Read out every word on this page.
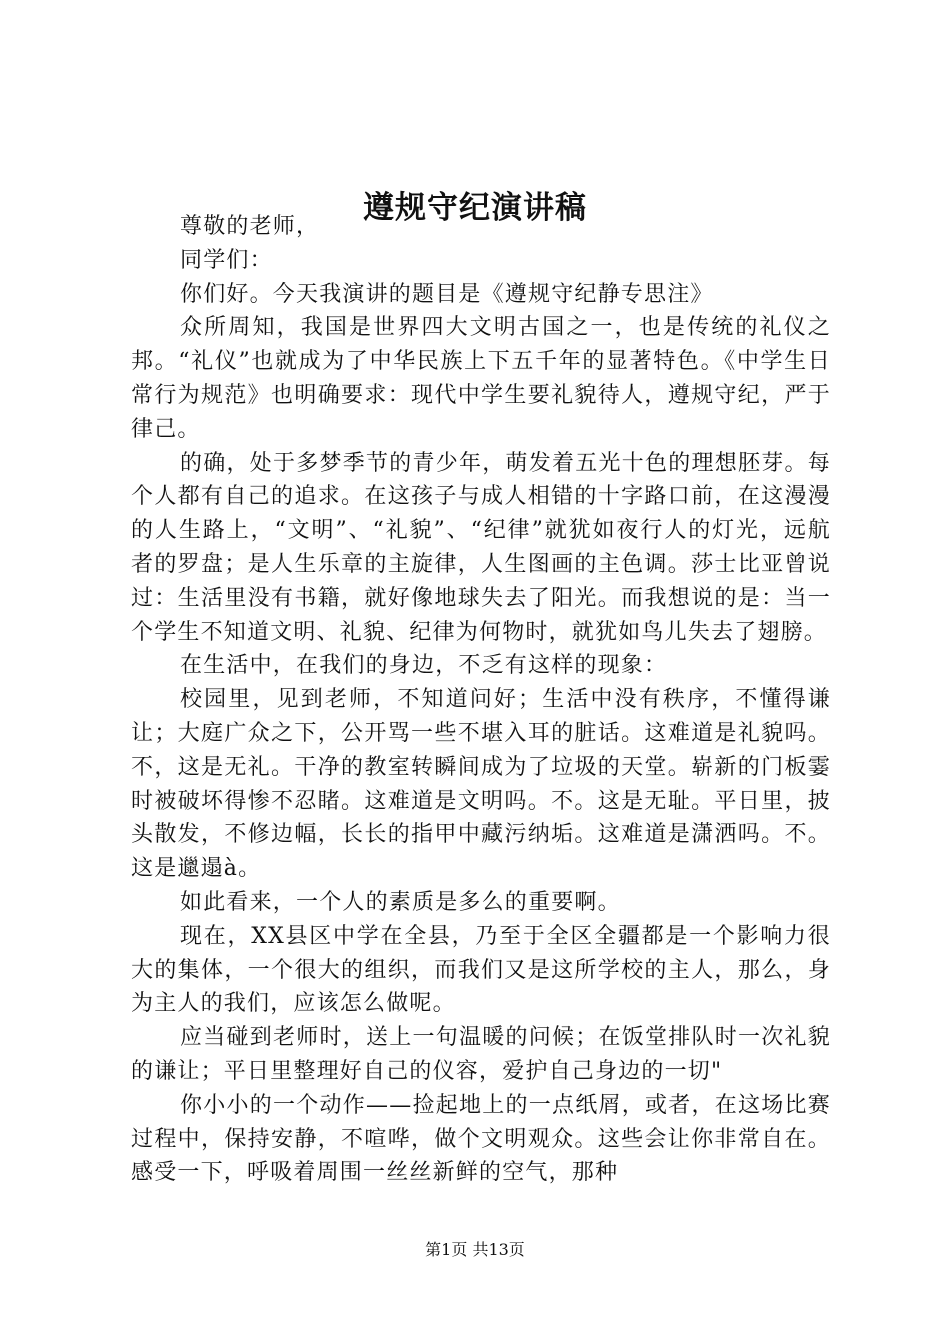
遵规守纪演讲稿

尊敬的老师，

同学们：

你们好。今天我演讲的题目是《遵规守纪静专思注》

众所周知，我国是世界四大文明古国之一，也是传统的礼仪之邦。“礼仪”也就成为了中华民族上下五千年的显著特色。《中学生日常行为规范》也明确要求：现代中学生要礼貌待人，遵规守纪，严于律己。

的确，处于多梦季节的青少年，萌发着五光十色的理想胚芽。每个人都有自己的追求。在这孩子与成人相错的十字路口前，在这漫漫的人生路上，“文明”、“礼貌”、“纪律”就犹如夜行人的灯光，远航者的罗盘；是人生乐章的主旋律，人生图画的主色调。莎士比亚曾说过：生活里没有书籍，就好像地球失去了阳光。而我想说的是：当一个学生不知道文明、礼貌、纪律为何物时，就犹如鸟儿失去了翅膀。

在生活中，在我们的身边，不乏有这样的现象：

校园里，见到老师，不知道问好；生活中没有秩序，不懂得谦让；大庭广众之下，公开骂一些不堪入耳的脏话。这难道是礼貌吗。不，这是无礼。干净的教室转瞬间成为了垃圾的天堂。崭新的门板霎时被破坏得惨不忍睹。这难道是文明吗。不。这是无耻。平日里，披头散发，不修边幅，长长的指甲中藏污纳垢。这难道是潇洒吗。不。这是邋遢à。

如此看来，一个人的素质是多么的重要啊。

现在，XX县区中学在全县，乃至于全区全疆都是一个影响力很大的集体，一个很大的组织，而我们又是这所学校的主人，那么，身为主人的我们，应该怎么做呢。

应当碰到老师时，送上一句温暖的问候；在饭堂排队时一次礼貌的谦让；平日里整理好自己的仪容，爱护自己身边的一切"

你小小的一个动作——捡起地上的一点纸屑，或者，在这场比赛过程中，保持安静，不喧哗，做个文明观众。这些会让你非常自在。感受一下，呼吸着周围一丝丝新鲜的空气，那种

第1页 共13页
